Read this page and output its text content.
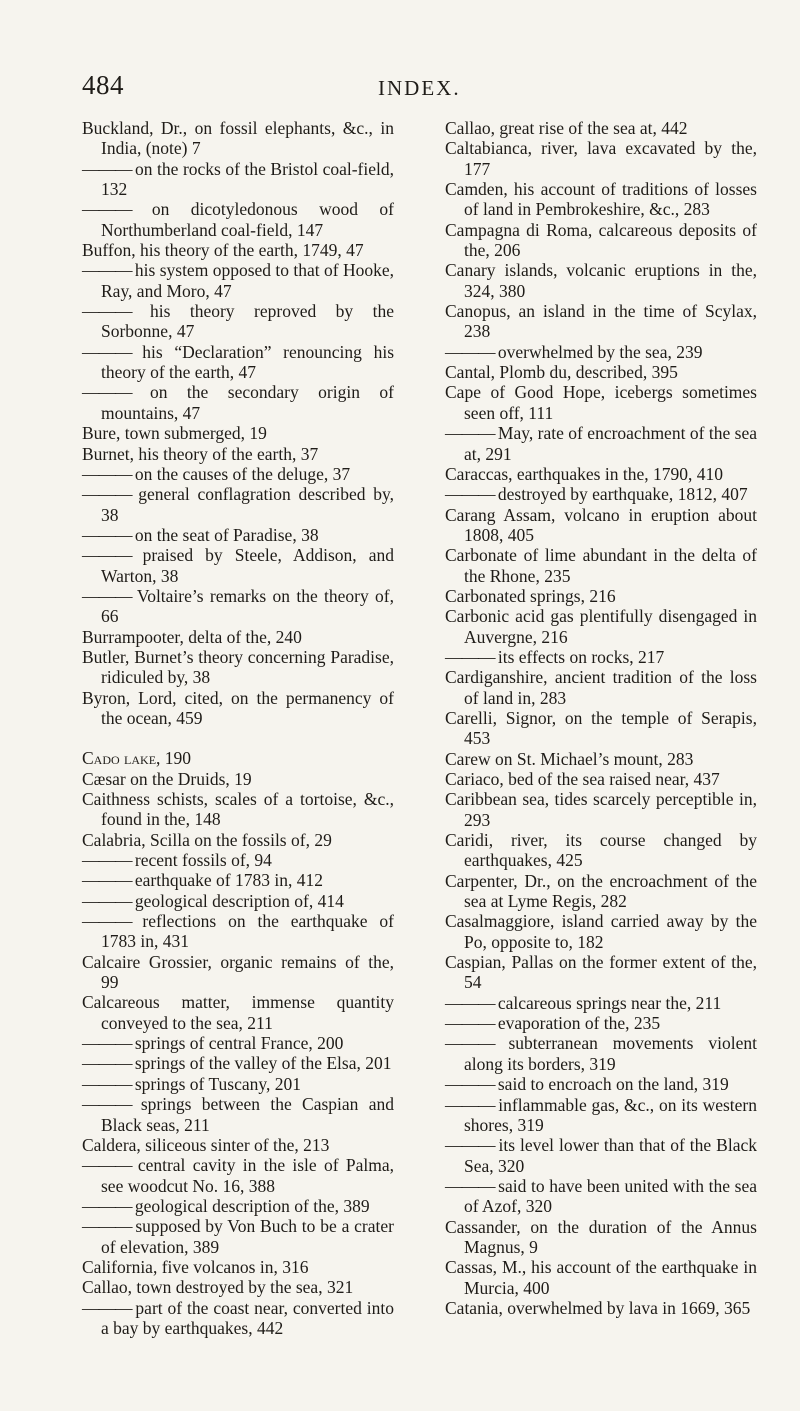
484	INDEX.

Buckland, Dr., on fossil elephants, &c., in India, (note) 7

——— on the rocks of the Bristol coal-field, 132

——— on dicotyledonous wood of Northumberland coal-field, 147

Buffon, his theory of the earth, 1749, 47

——— his system opposed to that of Hooke, Ray, and Moro, 47

——— his theory reproved by the Sorbonne, 47

——— his “Declaration” renouncing his theory of the earth, 47

——— on the secondary origin of mountains, 47

Bure, town submerged, 19

Burnet, his theory of the earth, 37

——— on the causes of the deluge, 37

——— general conflagration described by, 38

——— on the seat of Paradise, 38

——— praised by Steele, Addison, and Warton, 38

——— Voltaire’s remarks on the theory of, 66

Burrampooter, delta of the, 240

Butler, Burnet’s theory concerning Paradise, ridiculed by, 38

Byron, Lord, cited, on the permanency of the ocean, 459

Cado lake, 190

Cæsar on the Druids, 19

Caithness schists, scales of a tortoise, &c., found in the, 148

Calabria, Scilla on the fossils of, 29

——— recent fossils of, 94

——— earthquake of 1783 in, 412

——— geological description of, 414

——— reflections on the earthquake of 1783 in, 431

Calcaire Grossier, organic remains of the, 99

Calcareous matter, immense quantity conveyed to the sea, 211

——— springs of central France, 200

——— springs of the valley of the Elsa, 201

——— springs of Tuscany, 201

——— springs between the Caspian and Black seas, 211

Caldera, siliceous sinter of the, 213

——— central cavity in the isle of Palma, see woodcut No. 16, 388

——— geological description of the, 389

——— supposed by Von Buch to be a crater of elevation, 389

California, five volcanos in, 316

Callao, town destroyed by the sea, 321

——— part of the coast near, converted into a bay by earthquakes, 442

Callao, great rise of the sea at, 442

Caltabianca, river, lava excavated by the, 177

Camden, his account of traditions of losses of land in Pembrokeshire, &c., 283

Campagna di Roma, calcareous deposits of the, 206

Canary islands, volcanic eruptions in the, 324, 380

Canopus, an island in the time of Scylax, 238

——— overwhelmed by the sea, 239

Cantal, Plomb du, described, 395

Cape of Good Hope, icebergs sometimes seen off, 111

——— May, rate of encroachment of the sea at, 291

Caraccas, earthquakes in the, 1790, 410

——— destroyed by earthquake, 1812, 407

Carang Assam, volcano in eruption about 1808, 405

Carbonate of lime abundant in the delta of the Rhone, 235

Carbonated springs, 216

Carbonic acid gas plentifully disengaged in Auvergne, 216

——— its effects on rocks, 217

Cardiganshire, ancient tradition of the loss of land in, 283

Carelli, Signor, on the temple of Serapis, 453

Carew on St. Michael’s mount, 283

Cariaco, bed of the sea raised near, 437

Caribbean sea, tides scarcely perceptible in, 293

Caridi, river, its course changed by earthquakes, 425

Carpenter, Dr., on the encroachment of the sea at Lyme Regis, 282

Casalmaggiore, island carried away by the Po, opposite to, 182

Caspian, Pallas on the former extent of the, 54

——— calcareous springs near the, 211

——— evaporation of the, 235

——— subterranean movements violent along its borders, 319

——— said to encroach on the land, 319

——— inflammable gas, &c., on its western shores, 319

——— its level lower than that of the Black Sea, 320

——— said to have been united with the sea of Azof, 320

Cassander, on the duration of the Annus Magnus, 9

Cassas, M., his account of the earthquake in Murcia, 400

Catania, overwhelmed by lava in 1669, 365
